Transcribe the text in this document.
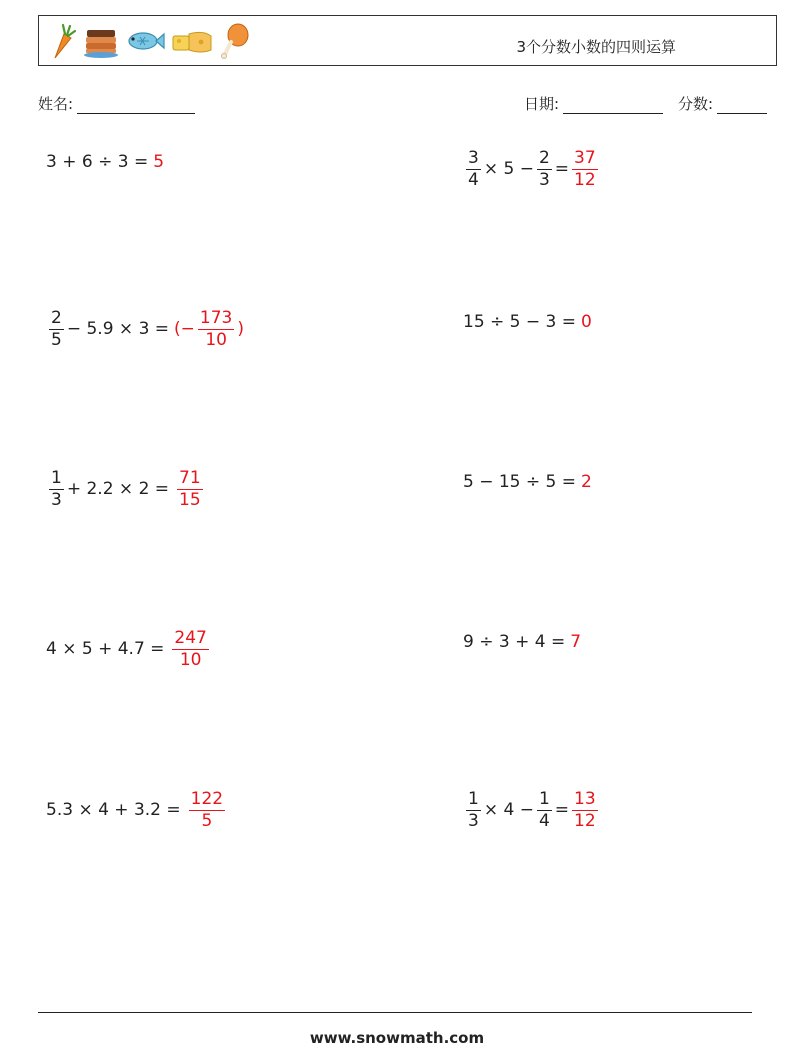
3个分数小数的四则运算
姓名:	日期:	分数:
3 + 6 ÷ 3 = 5	$\frac{3}{4} \times 5 - \frac{2}{3} = \frac{37}{12}$
$\frac{2}{5} - 5.9 \times 3$ = (− $\frac{173}{10}$ )	15 ÷ 5 − 3 = 0
$\frac{1}{3} + 2.2 \times 2 = \frac{71}{15}$	5 − 15 ÷ 5 = 2
$4 \times 5 + 4.7 = \frac{247}{10}$	9 ÷ 3 + 4 = 7
$5.3 \times 4 + 3.2 = \frac{122}{5}$	$\frac{1}{3} \times 4 - \frac{1}{4} = \frac{13}{12}$
www.snowmath.com
